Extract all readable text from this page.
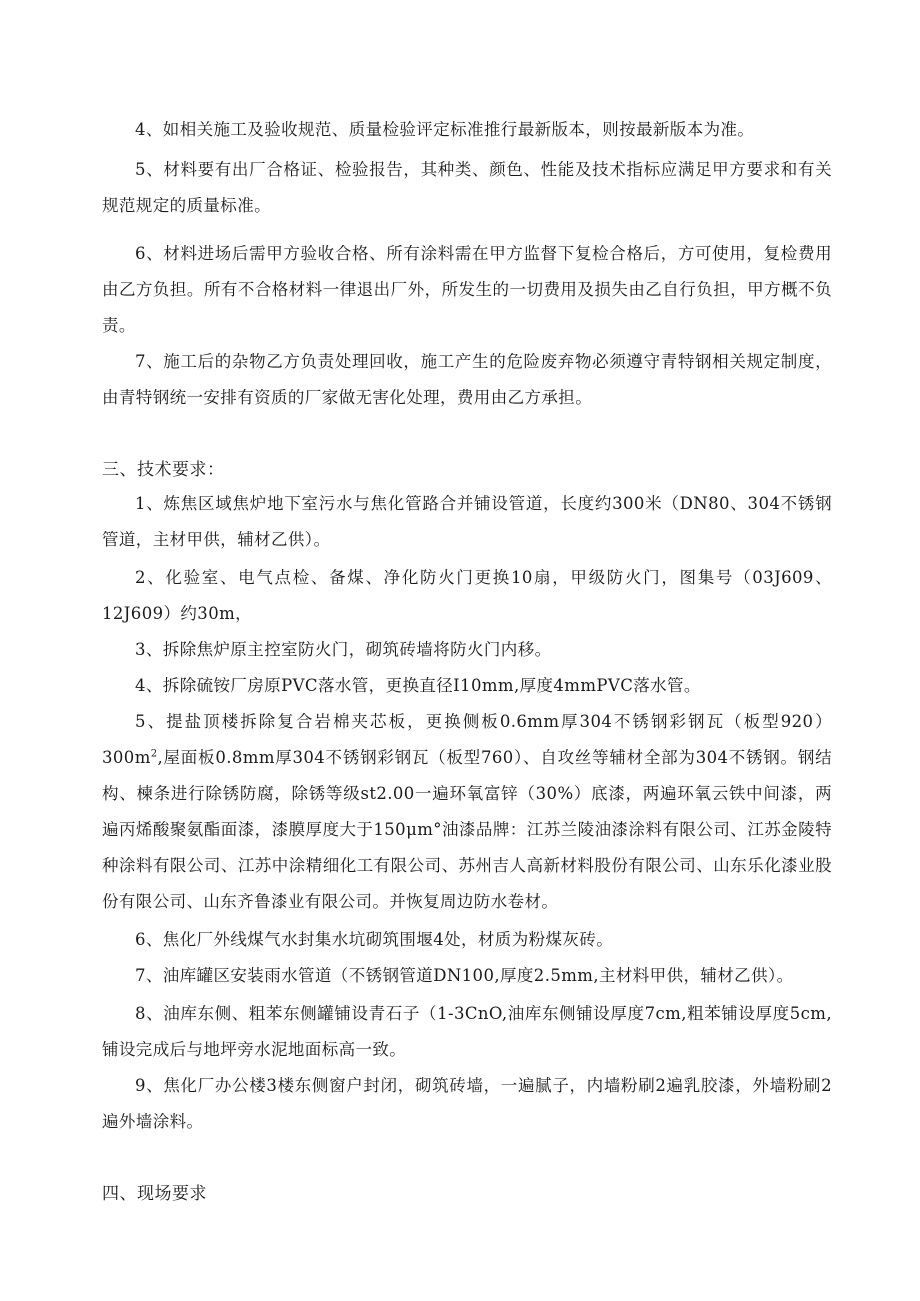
4、如相关施工及验收规范、质量检验评定标准推行最新版本，则按最新版本为准。

5、材料要有出厂合格证、检验报告，其种类、颜色、性能及技术指标应满足甲方要求和有关规范规定的质量标准。

6、材料进场后需甲方验收合格、所有涂料需在甲方监督下复检合格后，方可使用，复检费用由乙方负担。所有不合格材料一律退出厂外，所发生的一切费用及损失由乙自行负担，甲方概不负责。

7、施工后的杂物乙方负责处理回收，施工产生的危险废弃物必须遵守青特钢相关规定制度，由青特钢统一安排有资质的厂家做无害化处理，费用由乙方承担。

三、技术要求：

1、炼焦区域焦炉地下室污水与焦化管路合并铺设管道，长度约300米（DN80、304不锈钢管道，主材甲供，辅材乙供）。

2、化验室、电气点检、备煤、净化防火门更换10扇，甲级防火门，图集号（03J609、12J609）约30m，

3、拆除焦炉原主控室防火门，砌筑砖墙将防火门内移。

4、拆除硫铵厂房原PVC落水管，更换直径I10mm,厚度4mmPVC落水管。

5、提盐顶楼拆除复合岩棉夹芯板，更换侧板0.6mm厚304不锈钢彩钢瓦（板型$920)300m^2$,屋面板0.8mm厚304不锈钢彩钢瓦（板型760）、自攻丝等辅材全部为304不锈钢。钢结构、楝条进行除锈防腐，除锈等级st2.00一遍环氧富锌（30%）底漆，两遍环氧云铁中间漆，两遍丙烯酸聚氨酯面漆，漆膜厚度大于150μm°油漆品牌：江苏兰陵油漆涂料有限公司、江苏金陵特种涂料有限公司、江苏中涂精细化工有限公司、苏州吉人高新材料股份有限公司、山东乐化漆业股份有限公司、山东齐鲁漆业有限公司。并恢复周边防水卷材。

6、焦化厂外线煤气水封集水坑砌筑围堰4处，材质为粉煤灰砖。

7、油库罐区安装雨水管道（不锈钢管道DN100,厚度2.5mm,主材料甲供，辅材乙供）。

8、油库东侧、粗苯东侧罐铺设青石子（1-3CnO,油库东侧铺设厚度7cm,粗苯铺设厚度5cm,铺设完成后与地坪旁水泥地面标高一致。

9、焦化厂办公楼3楼东侧窗户封闭，砌筑砖墙，一遍腻子，内墙粉刷2遍乳胶漆，外墙粉刷2遍外墙涂料。

四、现场要求
